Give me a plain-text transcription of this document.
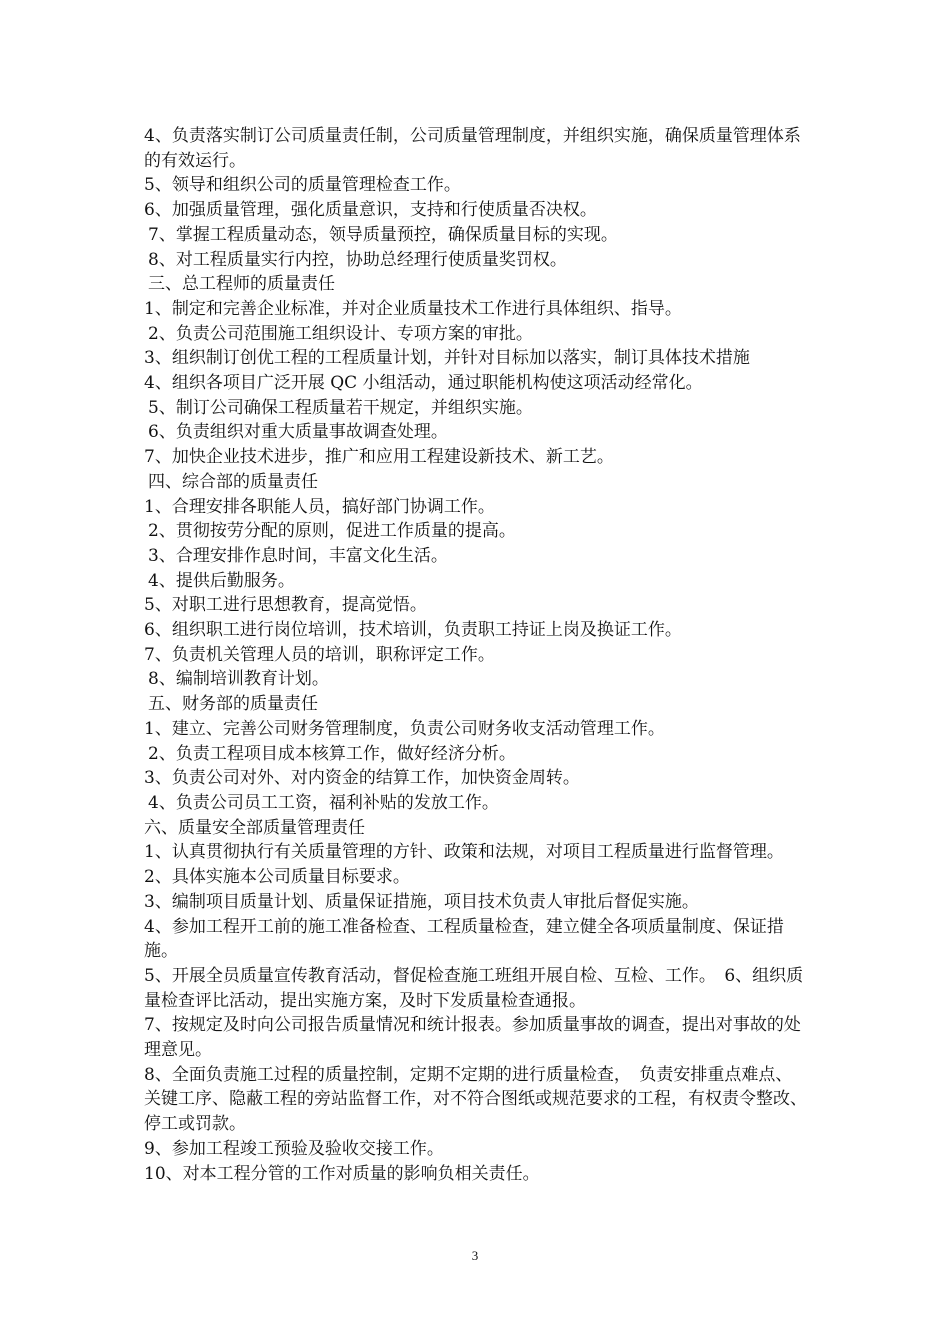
4、负责落实制订公司质量责任制，公司质量管理制度，并组织实施，确保质量管理体系的有效运行。

5、领导和组织公司的质量管理检查工作。

6、加强质量管理，强化质量意识，支持和行使质量否决权。

7、掌握工程质量动态，领导质量预控，确保质量目标的实现。

8、对工程质量实行内控，协助总经理行使质量奖罚权。

三、总工程师的质量责任

1、制定和完善企业标准，并对企业质量技术工作进行具体组织、指导。

2、负责公司范围施工组织设计、专项方案的审批。

3、组织制订创优工程的工程质量计划，并针对目标加以落实，制订具体技术措施

4、组织各项目广泛开展 QC 小组活动，通过职能机构使这项活动经常化。

5、制订公司确保工程质量若干规定，并组织实施。

6、负责组织对重大质量事故调查处理。

7、加快企业技术进步，推广和应用工程建设新技术、新工艺。

四、综合部的质量责任

1、合理安排各职能人员，搞好部门协调工作。

2、贯彻按劳分配的原则，促进工作质量的提高。

3、合理安排作息时间，丰富文化生活。

4、提供后勤服务。

5、对职工进行思想教育，提高觉悟。

6、组织职工进行岗位培训，技术培训，负责职工持证上岗及换证工作。

7、负责机关管理人员的培训，职称评定工作。

8、编制培训教育计划。

五、财务部的质量责任

1、建立、完善公司财务管理制度，负责公司财务收支活动管理工作。

2、负责工程项目成本核算工作，做好经济分析。

3、负责公司对外、对内资金的结算工作，加快资金周转。

4、负责公司员工工资，福利补贴的发放工作。

六、质量安全部质量管理责任

1、认真贯彻执行有关质量管理的方针、政策和法规，对项目工程质量进行监督管理。

2、具体实施本公司质量目标要求。

3、编制项目质量计划、质量保证措施，项目技术负责人审批后督促实施。

4、参加工程开工前的施工准备检查、工程质量检查，建立健全各项质量制度、保证措施。

5、开展全员质量宣传教育活动，督促检查施工班组开展自检、互检、工作。　6、组织质量检查评比活动，提出实施方案，及时下发质量检查通报。

7、按规定及时向公司报告质量情况和统计报表。参加质量事故的调查，提出对事故的处理意见。

8、全面负责施工过程的质量控制，定期不定期的进行质量检查，　负责安排重点难点、关键工序、隐蔽工程的旁站监督工作，对不符合图纸或规范要求的工程，有权责令整改、停工或罚款。

9、参加工程竣工预验及验收交接工作。

10、对本工程分管的工作对质量的影响负相关责任。

3
